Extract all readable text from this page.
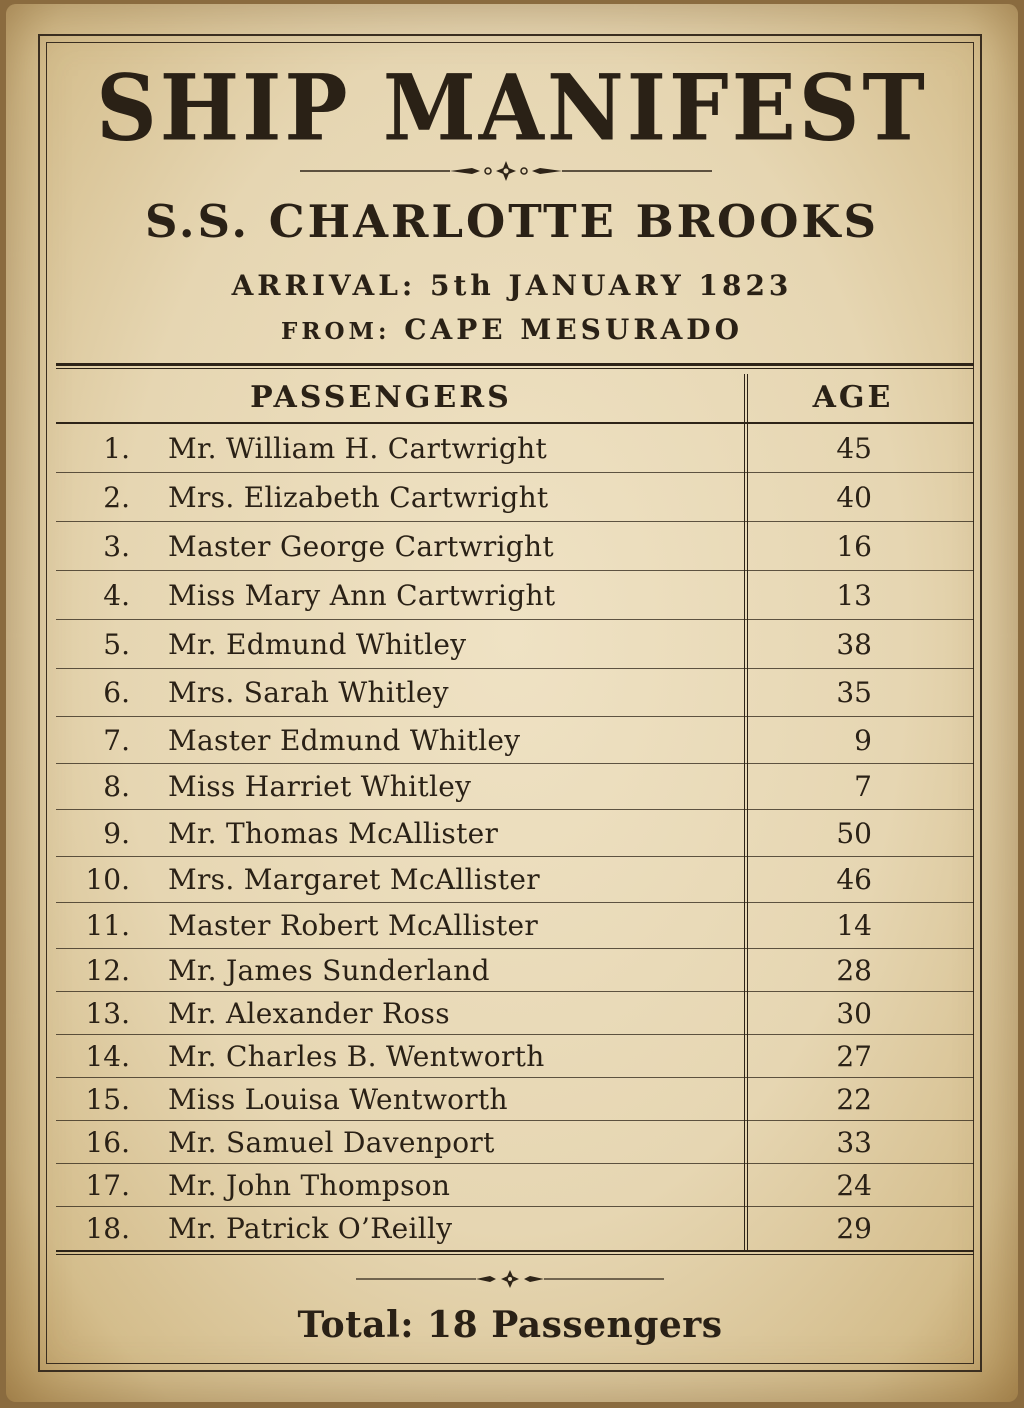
SHIP MANIFEST
S.S. CHARLOTTE BROOKS
ARRIVAL: 5th JANUARY 1823
FROM: CAPE MESURADO
PASSENGERS	AGE
1. Mr. William H. Cartwright	45
2. Mrs. Elizabeth Cartwright	40
3. Master George Cartwright	16
4. Miss Mary Ann Cartwright	13
5. Mr. Edmund Whitley	38
6. Mrs. Sarah Whitley	35
7. Master Edmund Whitley	9
8. Miss Harriet Whitley	7
9. Mr. Thomas McAllister	50
10. Mrs. Margaret McAllister	46
11. Master Robert McAllister	14
12. Mr. James Sunderland	28
13. Mr. Alexander Ross	30
14. Mr. Charles B. Wentworth	27
15. Miss Louisa Wentworth	22
16. Mr. Samuel Davenport	33
17. Mr. John Thompson	24
18. Mr. Patrick O’Reilly	29
Total: 18 Passengers
